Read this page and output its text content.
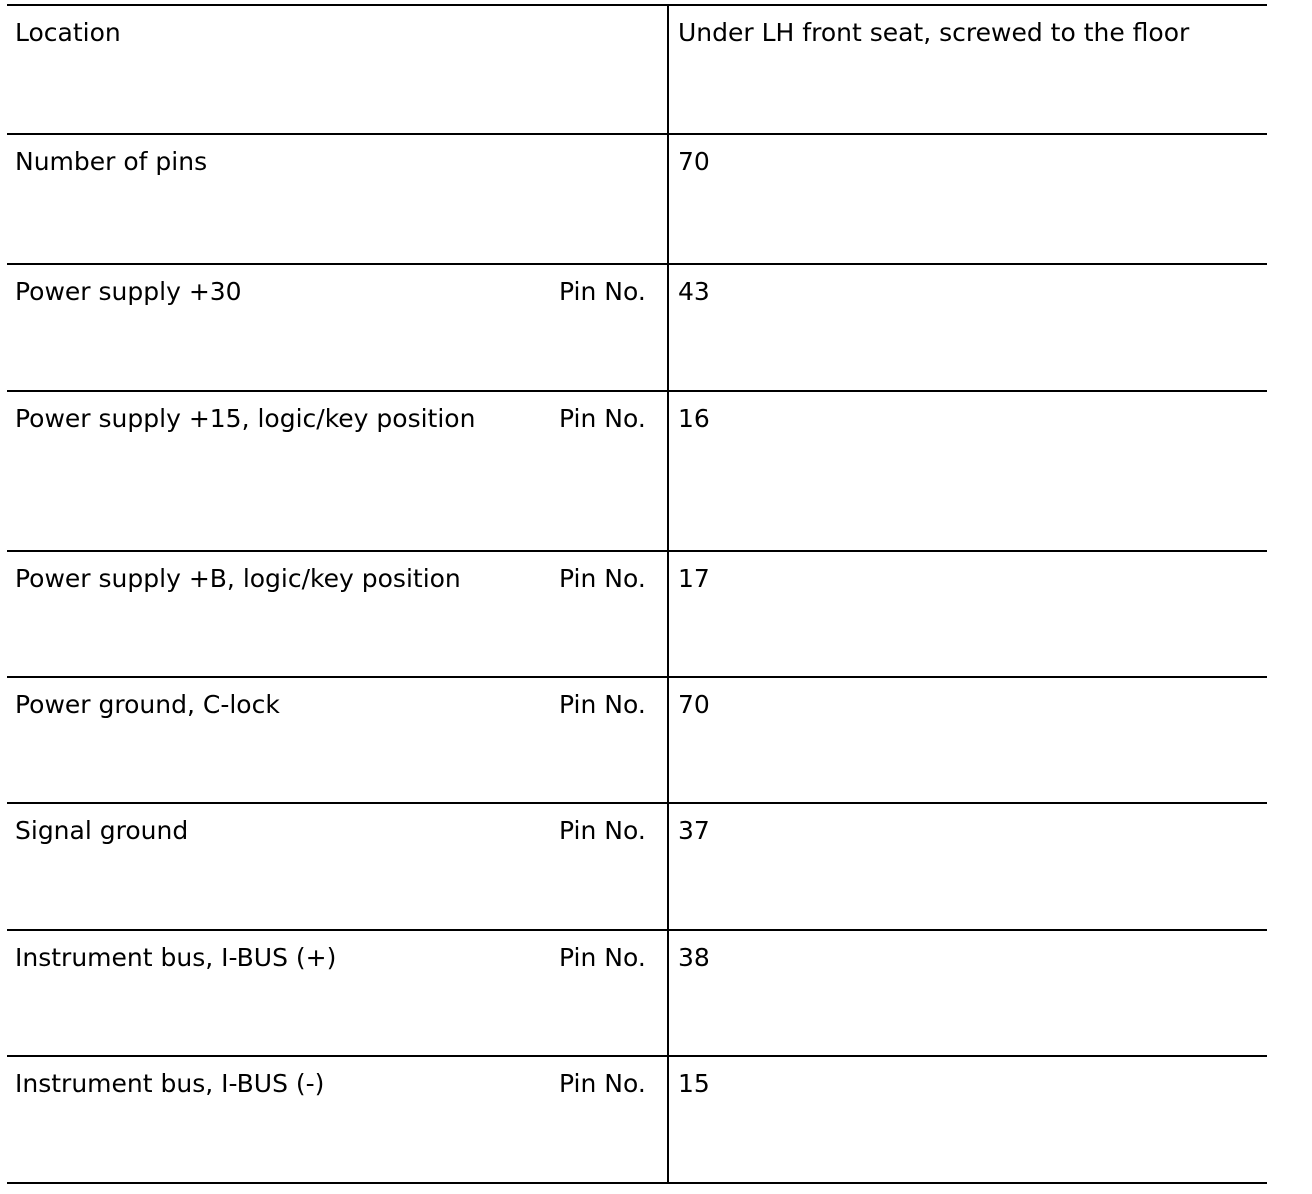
Location	Under LH front seat, screwed to the floor
Number of pins	70
Power supply +30	Pin No. 43
Power supply +15, logic/key position	Pin No. 16
Power supply +B, logic/key position	Pin No. 17
Power ground, C-lock	Pin No. 70
Signal ground	Pin No. 37
Instrument bus, I-BUS (+)	Pin No. 38
Instrument bus, I-BUS (-)	Pin No. 15
